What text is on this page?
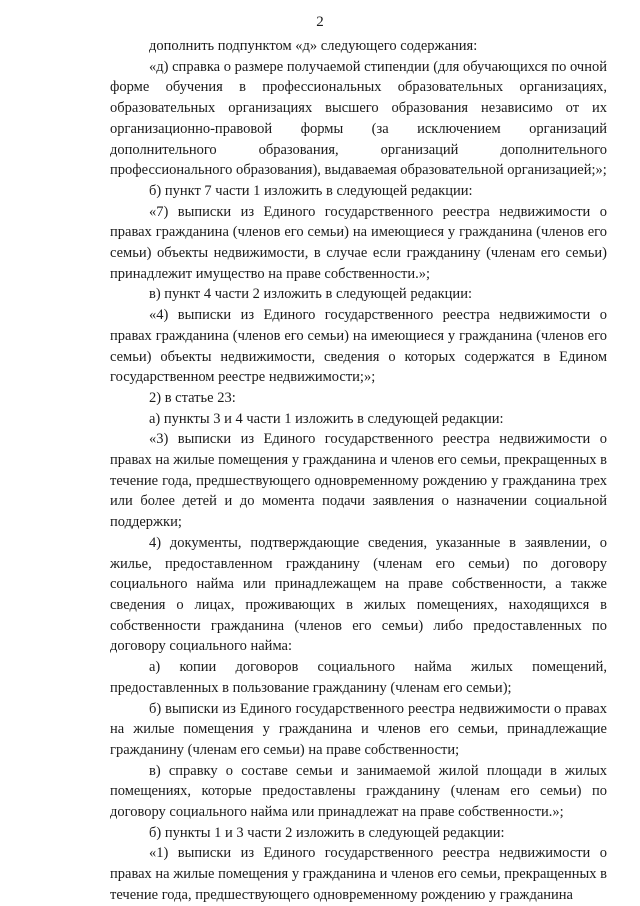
2

дополнить подпунктом «д» следующего содержания:

«д) справка о размере получаемой стипендии (для обучающихся по очной форме обучения в профессиональных образовательных организациях, образовательных организациях высшего образования независимо от их организационно-правовой формы (за исключением организаций дополнительного образования, организаций дополнительного профессионального образования), выдаваемая образовательной организацией;»;

б) пункт 7 части 1 изложить в следующей редакции:

«7) выписки из Единого государственного реестра недвижимости о правах гражданина (членов его семьи) на имеющиеся у гражданина (членов его семьи) объекты недвижимости, в случае если гражданину (членам его семьи) принадлежит имущество на праве собственности.»;

в) пункт 4 части 2 изложить в следующей редакции:

«4) выписки из Единого государственного реестра недвижимости о правах гражданина (членов его семьи) на имеющиеся у гражданина (членов его семьи) объекты недвижимости, сведения о которых содержатся в Едином государственном реестре недвижимости;»;

2) в статье 23:

а) пункты 3 и 4 части 1 изложить в следующей редакции:

«3) выписки из Единого государственного реестра недвижимости о правах на жилые помещения у гражданина и членов его семьи, прекращенных в течение года, предшествующего одновременному рождению у гражданина трех или более детей и до момента подачи заявления о назначении социальной поддержки;

4) документы, подтверждающие сведения, указанные в заявлении, о жилье, предоставленном гражданину (членам его семьи) по договору социального найма или принадлежащем на праве собственности, а также сведения о лицах, проживающих в жилых помещениях, находящихся в собственности гражданина (членов его семьи) либо предоставленных по договору социального найма:

а) копии договоров социального найма жилых помещений, предоставленных в пользование гражданину (членам его семьи);

б) выписки из Единого государственного реестра недвижимости о правах на жилые помещения у гражданина и членов его семьи, принадлежащие гражданину (членам его семьи) на праве собственности;

в) справку о составе семьи и занимаемой жилой площади в жилых помещениях, которые предоставлены гражданину (членам его семьи) по договору социального найма или принадлежат на праве собственности.»;

б) пункты 1 и 3 части 2 изложить в следующей редакции:

«1) выписки из Единого государственного реестра недвижимости о правах на жилые помещения у гражданина и членов его семьи, прекращенных в течение года, предшествующего одновременному рождению у гражданина
